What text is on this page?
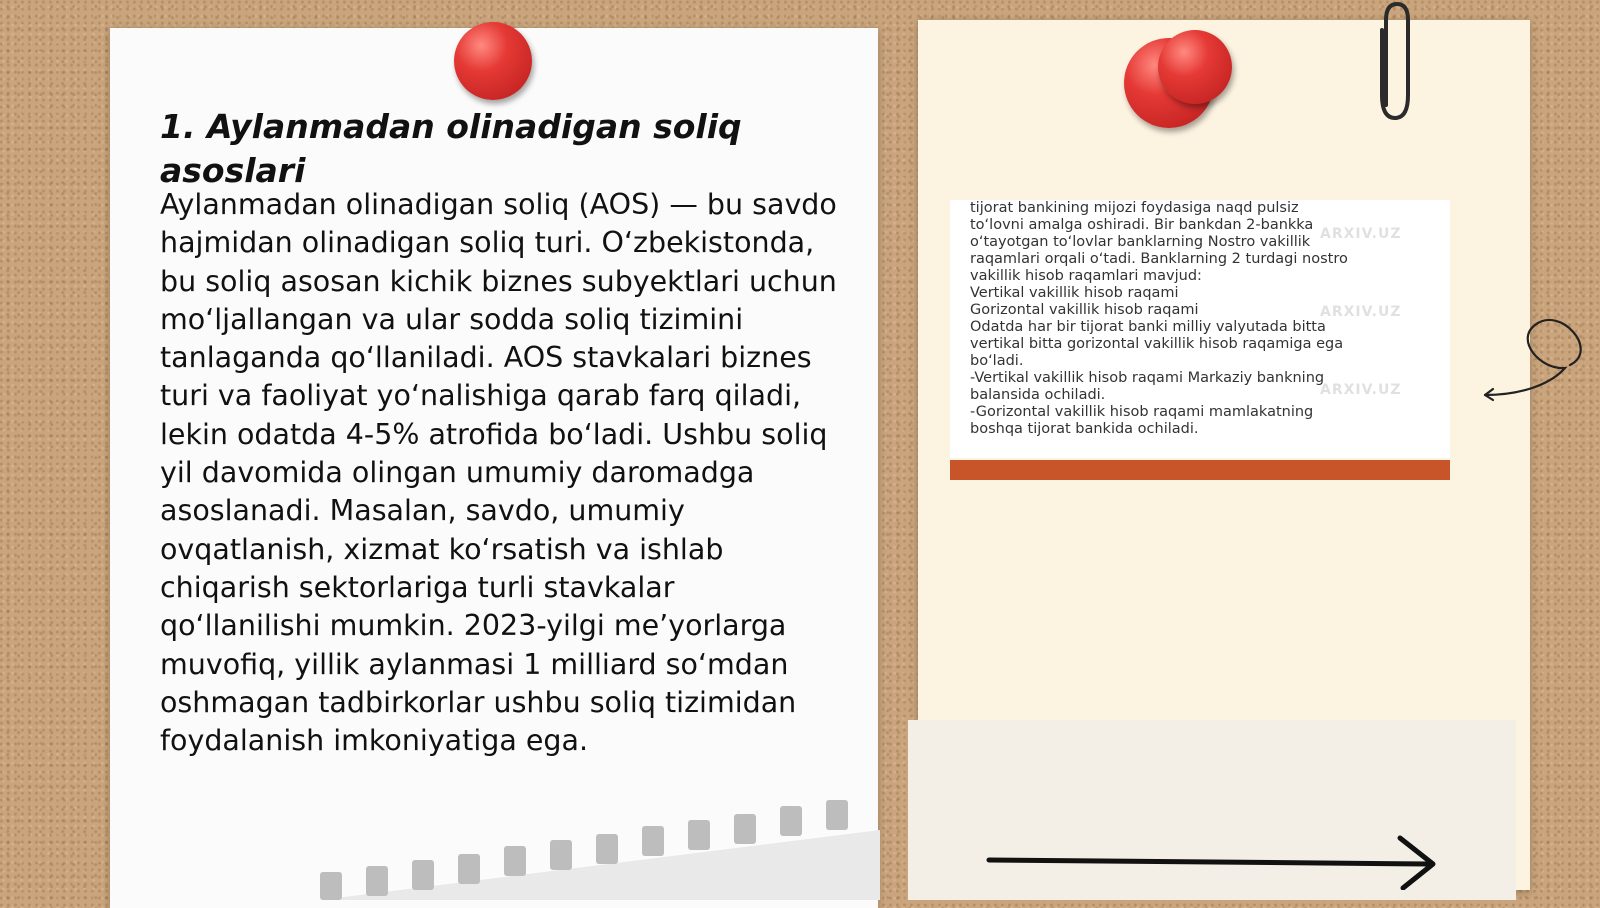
1. Aylanmadan olinadigan soliq asoslari

Aylanmadan olinadigan soliq (AOS) — bu savdo hajmidan olinadigan soliq turi. O‘zbekistonda, bu soliq asosan kichik biznes subyektlari uchun mo‘ljallangan va ular sodda soliq tizimini tanlaganda qo‘llaniladi. AOS stavkalari biznes turi va faoliyat yo‘nalishiga qarab farq qiladi, lekin odatda 4-5% atrofida bo‘ladi. Ushbu soliq yil davomida olingan umumiy daromadga asoslanadi. Masalan, savdo, umumiy ovqatlanish, xizmat ko‘rsatish va ishlab chiqarish sektorlariga turli stavkalar qo‘llanilishi mumkin. 2023-yilgi me’yorlarga muvofiq, yillik aylanmasi 1 milliard so‘mdan oshmagan tadbirkorlar ushbu soliq tizimidan foydalanish imkoniyatiga ega.

tijorat bankining mijozi foydasiga naqd pulsiz
to‘lovni amalga oshiradi. Bir bankdan 2-bankka
o‘tayotgan to‘lovlar banklarning Nostro vakillik
raqamlari orqali o‘tadi. Banklarning 2 turdagi nostro
vakillik hisob raqamlari mavjud:
Vertikal vakillik hisob raqami
Gorizontal vakillik hisob raqami
Odatda har bir tijorat banki milliy valyutada bitta
vertikal bitta gorizontal vakillik hisob raqamiga ega
bo‘ladi.
-Vertikal vakillik hisob raqami Markaziy bankning
balansida ochiladi.
-Gorizontal vakillik hisob raqami mamlakatning
boshqa tijorat bankida ochiladi.

ARXIV.UZ
ARXIV.UZ
ARXIV.UZ
